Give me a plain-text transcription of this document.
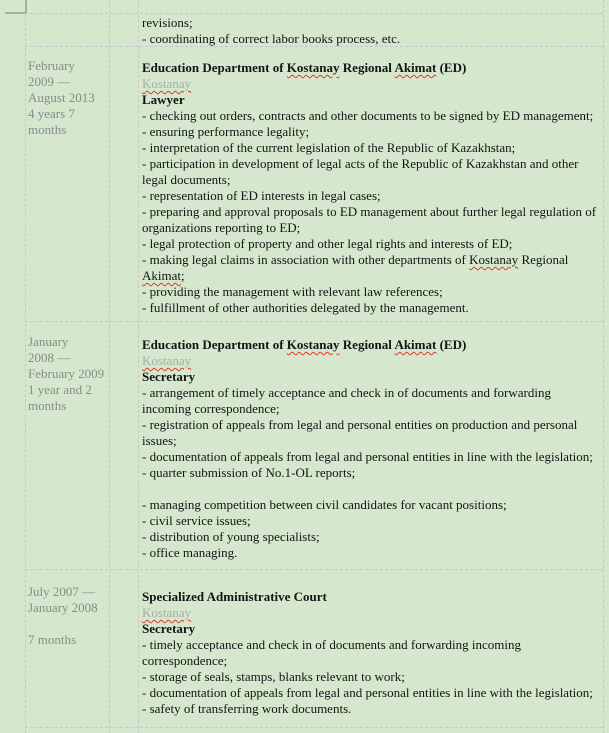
revisions;
- coordinating of correct labor books process, etc.
February
2009 —
August 2013
4 years 7
months
Education Department of Kostanay Regional Akimat (ED)
Kostanay
Lawyer
- checking out orders, contracts and other documents to be signed by ED management;
- ensuring performance legality;
- interpretation of the current legislation of the Republic of Kazakhstan;
- participation in development of legal acts of the Republic of Kazakhstan and other legal documents;
- representation of ED interests in legal cases;
- preparing and approval proposals to ED management about further legal regulation of organizations reporting to ED;
- legal protection of property and other legal rights and interests of ED;
- making legal claims in association with other departments of Kostanay Regional Akimat;
- providing the management with relevant law references;
- fulfillment of other authorities delegated by the management.
January
2008 —
February 2009
1 year and 2
months
Education Department of Kostanay Regional Akimat (ED)
Kostanay
Secretary
- arrangement of timely acceptance and check in of documents and forwarding incoming correspondence;
- registration of appeals from legal and personal entities on production and personal issues;
- documentation of appeals from legal and personal entities in line with the legislation;
- quarter submission of No.1-OL reports;
- managing competition between civil candidates for vacant positions;
- civil service issues;
- distribution of young specialists;
- office managing.
July 2007 —
January 2008
7 months
Specialized Administrative Court
Kostanay
Secretary
- timely acceptance and check in of documents and forwarding incoming correspondence;
- storage of seals, stamps, blanks relevant to work;
- documentation of appeals from legal and personal entities in line with the legislation;
- safety of transferring work documents.
